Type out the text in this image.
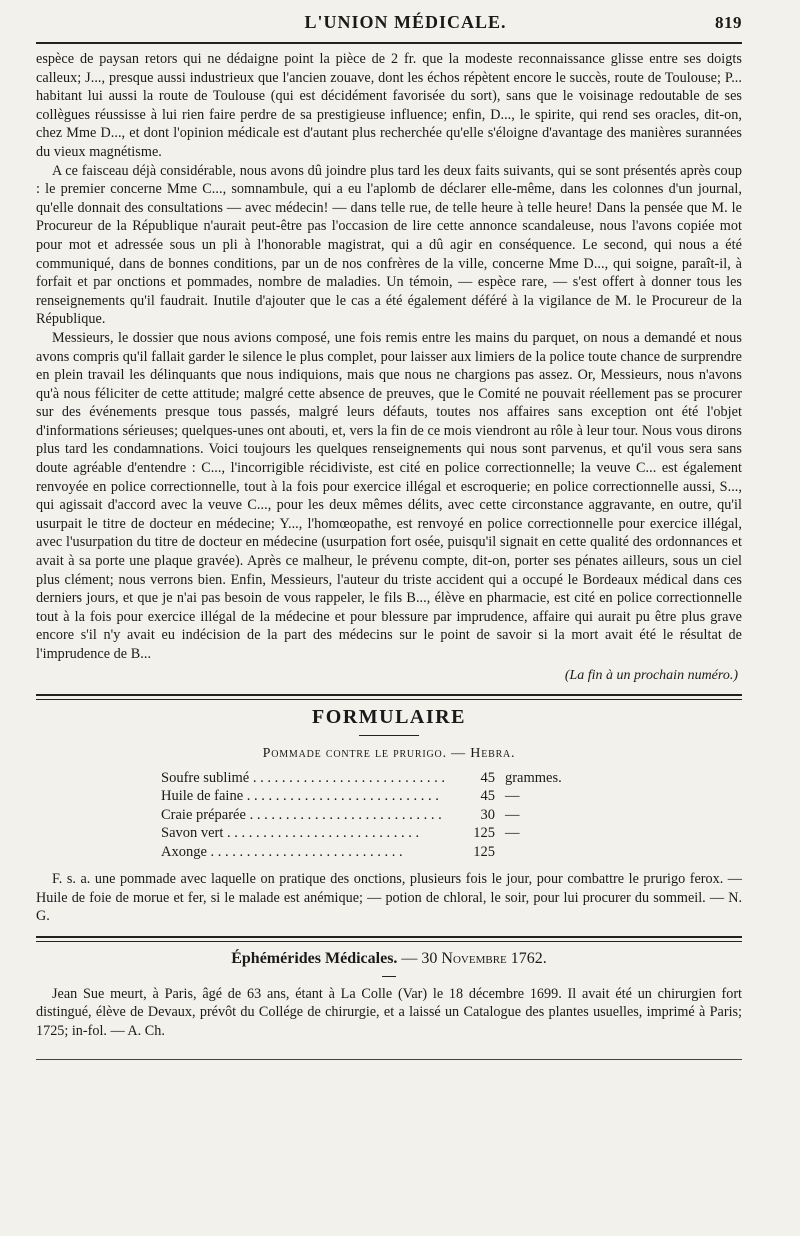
L'UNION MÉDICALE.	819

espèce de paysan retors qui ne dédaigne point la pièce de 2 fr. que la modeste reconnaissance glisse entre ses doigts calleux; J..., presque aussi industrieux que l'ancien zouave, dont les échos répètent encore le succès, route de Toulouse; P... habitant lui aussi la route de Toulouse (qui est décidément favorisée du sort), sans que le voisinage redoutable de ses collègues réussisse à lui rien faire perdre de sa prestigieuse influence; enfin, D..., le spirite, qui rend ses oracles, dit-on, chez Mme D..., et dont l'opinion médicale est d'autant plus recherchée qu'elle s'éloigne d'avantage des manières surannées du vieux magnétisme.

A ce faisceau déjà considérable, nous avons dû joindre plus tard les deux faits suivants, qui se sont présentés après coup : le premier concerne Mme C..., somnambule, qui a eu l'aplomb de déclarer elle-même, dans les colonnes d'un journal, qu'elle donnait des consultations — avec médecin! — dans telle rue, de telle heure à telle heure! Dans la pensée que M. le Procureur de la République n'aurait peut-être pas l'occasion de lire cette annonce scandaleuse, nous l'avons copiée mot pour mot et adressée sous un pli à l'honorable magistrat, qui a dû agir en conséquence. Le second, qui nous a été communiqué, dans de bonnes conditions, par un de nos confrères de la ville, concerne Mme D..., qui soigne, paraît-il, à forfait et par onctions et pommades, nombre de maladies. Un témoin, — espèce rare, — s'est offert à donner tous les renseignements qu'il faudrait. Inutile d'ajouter que le cas a été également déféré à la vigilance de M. le Procureur de la République.

Messieurs, le dossier que nous avions composé, une fois remis entre les mains du parquet, on nous a demandé et nous avons compris qu'il fallait garder le silence le plus complet, pour laisser aux limiers de la police toute chance de surprendre en plein travail les délinquants que nous indiquions, mais que nous ne chargions pas assez. Or, Messieurs, nous n'avons qu'à nous féliciter de cette attitude; malgré cette absence de preuves, que le Comité ne pouvait réellement pas se procurer sur des événements presque tous passés, malgré leurs défauts, toutes nos affaires sans exception ont été l'objet d'informations sérieuses; quelques-unes ont abouti, et, vers la fin de ce mois viendront au rôle à leur tour. Nous vous dirons plus tard les condamnations. Voici toujours les quelques renseignements qui nous sont parvenus, et qu'il vous sera sans doute agréable d'entendre : C..., l'incorrigible récidiviste, est cité en police correctionnelle; la veuve C... est également renvoyée en police correctionnelle, tout à la fois pour exercice illégal et escroquerie; en police correctionnelle aussi, S..., qui agissait d'accord avec la veuve C..., pour les deux mêmes délits, avec cette circonstance aggravante, en outre, qu'il usurpait le titre de docteur en médecine; Y..., l'homœopathe, est renvoyé en police correctionnelle pour exercice illégal, avec l'usurpation du titre de docteur en médecine (usurpation fort osée, puisqu'il signait en cette qualité des ordonnances et avait à sa porte une plaque gravée). Après ce malheur, le prévenu compte, dit-on, porter ses pénates ailleurs, sous un ciel plus clément; nous verrons bien. Enfin, Messieurs, l'auteur du triste accident qui a occupé le Bordeaux médical dans ces derniers jours, et que je n'ai pas besoin de vous rappeler, le fils B..., élève en pharmacie, est cité en police correctionnelle tout à la fois pour exercice illégal de la médecine et pour blessure par imprudence, affaire qui aurait pu être plus grave encore s'il n'y avait eu indécision de la part des médecins sur le point de savoir si la mort avait été le résultat de l'imprudence de B...

(La fin à un prochain numéro.)
FORMULAIRE
Pommade contre le prurigo. — Hebra.
Soufre sublimé . . .	45	grammes.
Huile de faine . . .	45	—
Craie préparée . . .	30	—
Savon vert . . .	125	—
Axonge . . .	125	
F. s. a. une pommade avec laquelle on pratique des onctions, plusieurs fois le jour, pour combattre le prurigo ferox. — Huile de foie de morue et fer, si le malade est anémique; — potion de chloral, le soir, pour lui procurer du sommeil. — N. G.
Éphémérides Médicales. — 30 Novembre 1762.
Jean Sue meurt, à Paris, âgé de 63 ans, étant à La Colle (Var) le 18 décembre 1699. Il avait été un chirurgien fort distingué, élève de Devaux, prévôt du Collége de chirurgie, et a laissé un Catalogue des plantes usuelles, imprimé à Paris; 1725; in-fol. — A. Ch.
